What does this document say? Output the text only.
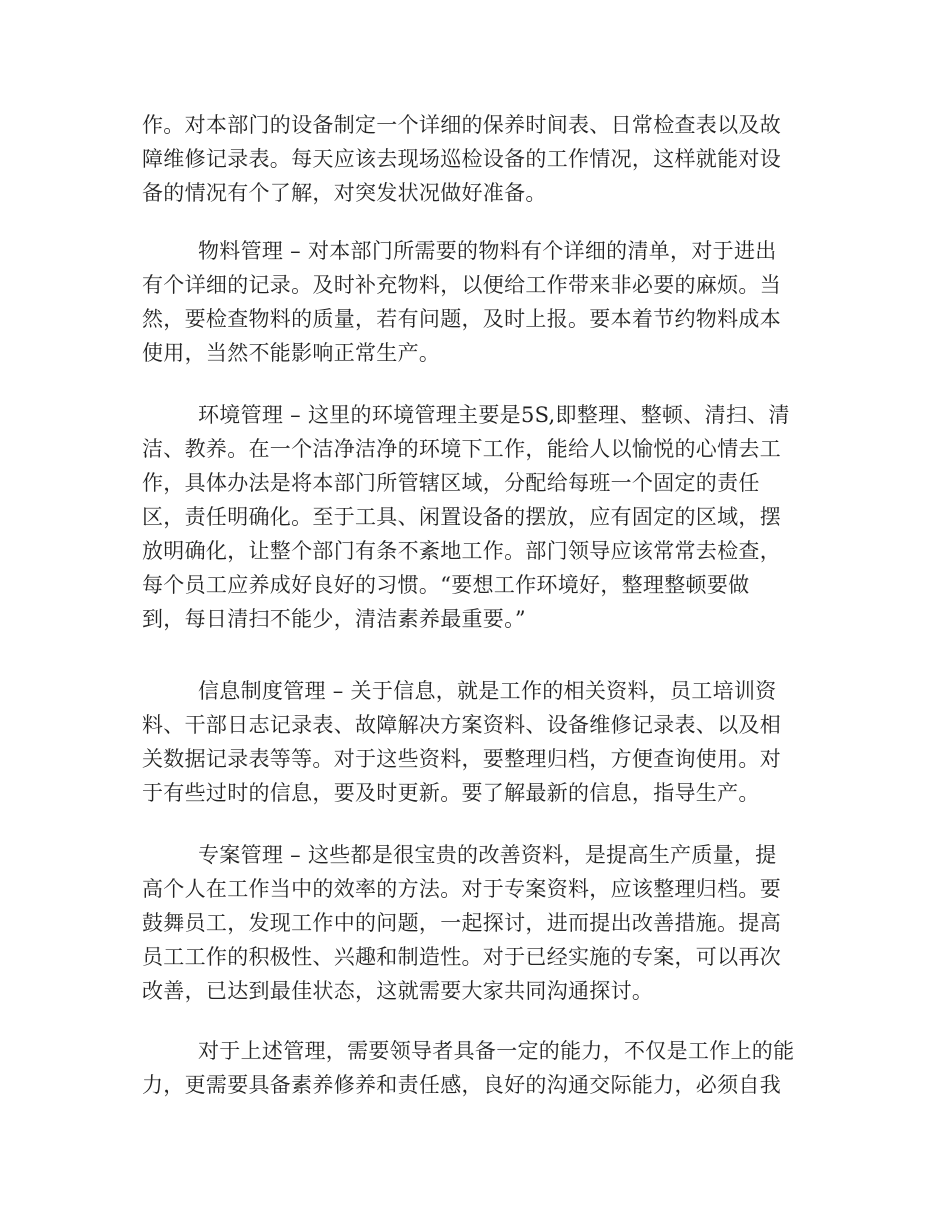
作。对本部门的设备制定一个详细的保养时间表、日常检查表以及故
障维修记录表。每天应该去现场巡检设备的工作情况，这样就能对设
备的情况有个了解，对突发状况做好准备。
物料管理 – 对本部门所需要的物料有个详细的清单，对于进出
有个详细的记录。及时补充物料，以便给工作带来非必要的麻烦。当
然，要检查物料的质量，若有问题，及时上报。要本着节约物料成本
使用，当然不能影响正常生产。
环境管理 – 这里的环境管理主要是5S,即整理、整顿、清扫、清
洁、教养。在一个洁净洁净的环境下工作，能给人以愉悦的心情去工
作，具体办法是将本部门所管辖区域，分配给每班一个固定的责任
区，责任明确化。至于工具、闲置设备的摆放，应有固定的区域，摆
放明确化，让整个部门有条不紊地工作。部门领导应该常常去检查，
每个员工应养成好良好的习惯。“要想工作环境好，整理整顿要做
到，每日清扫不能少，清洁素养最重要。”
信息制度管理 – 关于信息，就是工作的相关资料，员工培训资
料、干部日志记录表、故障解决方案资料、设备维修记录表、以及相
关数据记录表等等。对于这些资料，要整理归档，方便查询使用。对
于有些过时的信息，要及时更新。要了解最新的信息，指导生产。
专案管理 – 这些都是很宝贵的改善资料，是提高生产质量，提
高个人在工作当中的效率的方法。对于专案资料，应该整理归档。要
鼓舞员工，发现工作中的问题，一起探讨，进而提出改善措施。提高
员工工作的积极性、兴趣和制造性。对于已经实施的专案，可以再次
改善，已达到最佳状态，这就需要大家共同沟通探讨。
对于上述管理，需要领导者具备一定的能力，不仅是工作上的能
力，更需要具备素养修养和责任感，良好的沟通交际能力，必须自我
